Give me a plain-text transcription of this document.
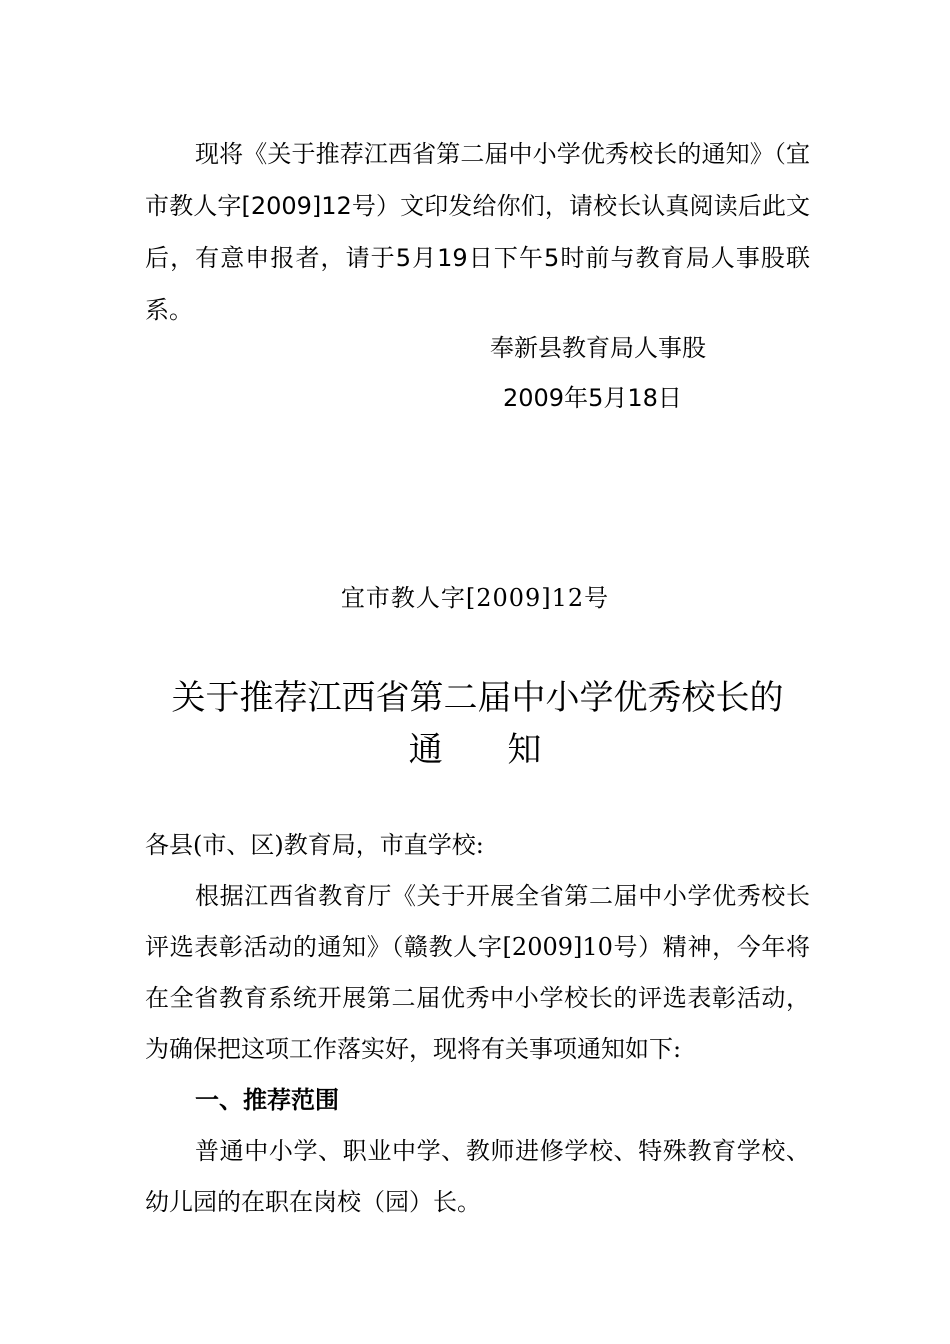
现将《关于推荐江西省第二届中小学优秀校长的通知》（宜市教人字[2009]12号）文印发给你们，请校长认真阅读后此文后，有意申报者，请于5月19日下午5时前与教育局人事股联系。

奉新县教育局人事股
2009年5月18日
宜市教人字[2009]12号
关于推荐江西省第二届中小学优秀校长的
通      知

各县(市、区)教育局，市直学校:

根据江西省教育厅《关于开展全省第二届中小学优秀校长评选表彰活动的通知》（赣教人字[2009]10号）精神，今年将在全省教育系统开展第二届优秀中小学校长的评选表彰活动，为确保把这项工作落实好，现将有关事项通知如下:

一、推荐范围

普通中小学、职业中学、教师进修学校、特殊教育学校、幼儿园的在职在岗校（园）长。
